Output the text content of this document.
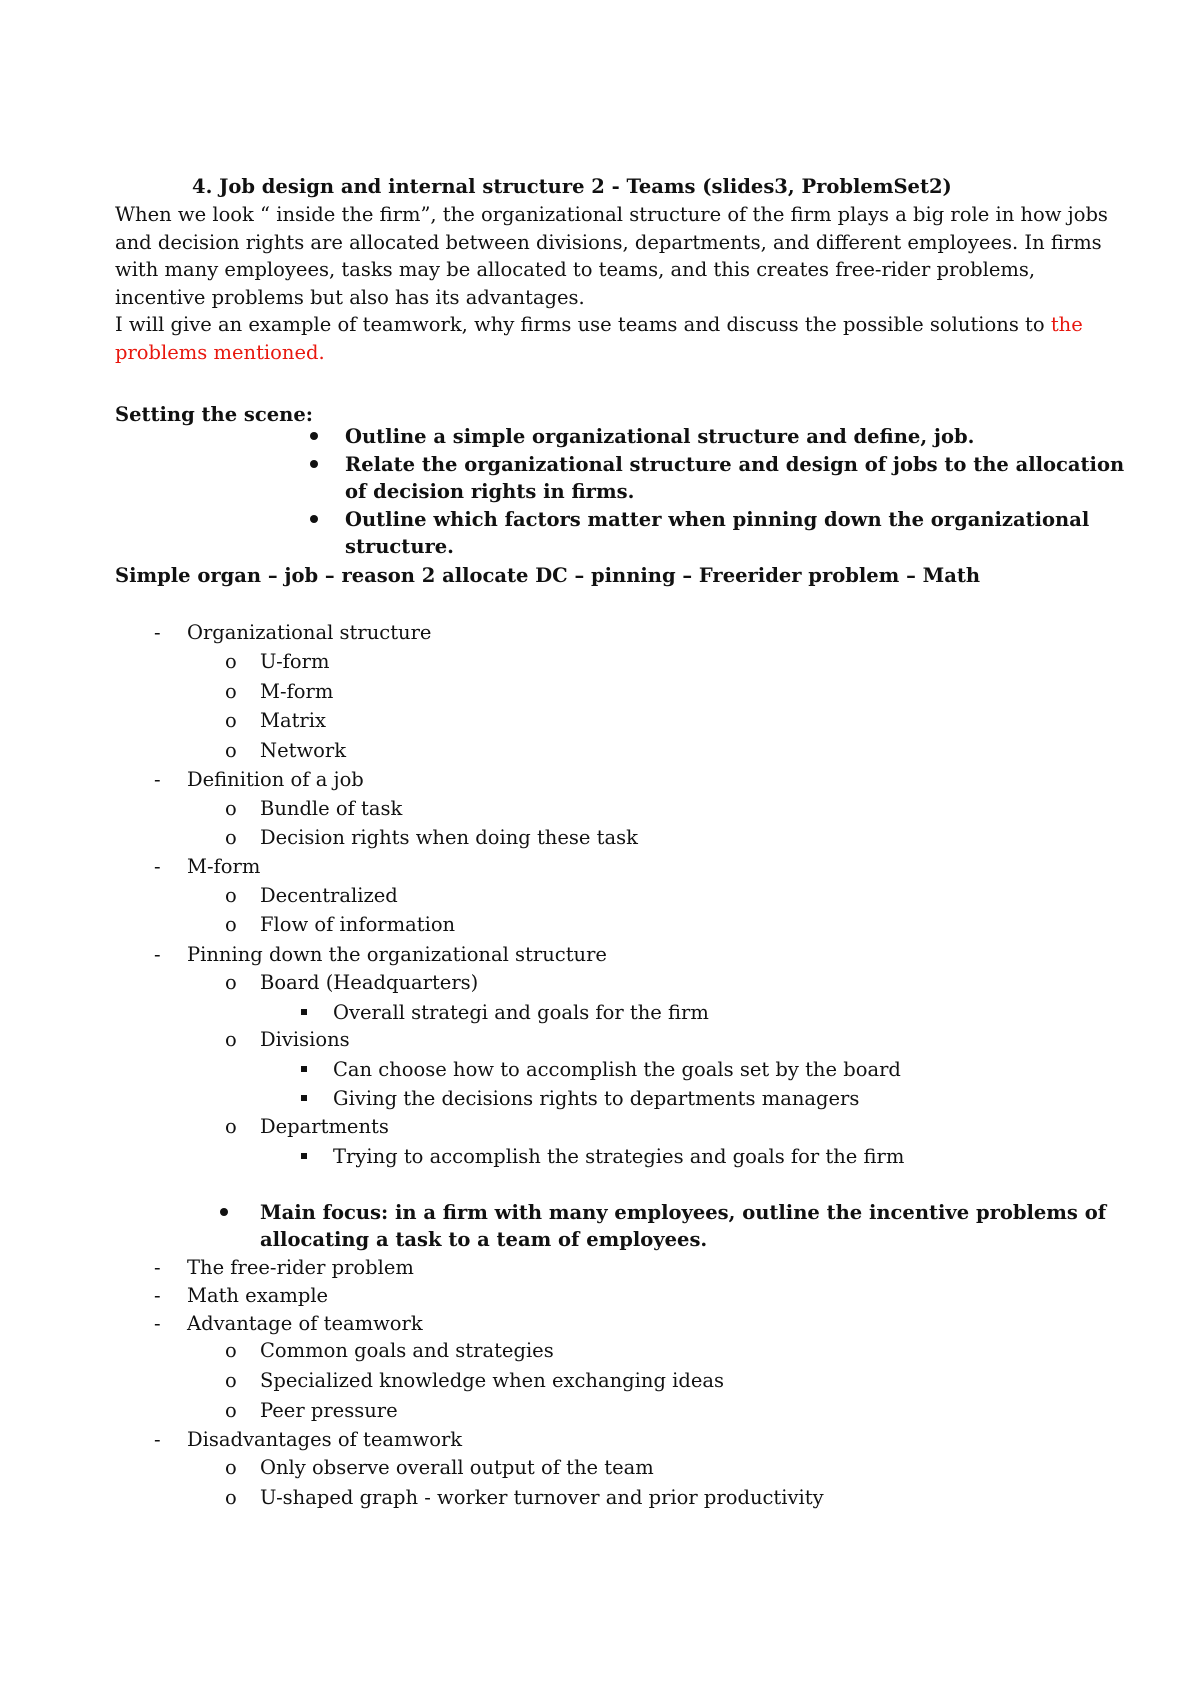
4. Job design and internal structure 2 - Teams (slides3, ProblemSet2)

When we look “ inside the firm”, the organizational structure of the firm plays a big role in how jobs

and decision rights are allocated between divisions, departments, and different employees. In firms

with many employees, tasks may be allocated to teams, and this creates free-rider problems,

incentive problems but also has its advantages.

I will give an example of teamwork, why firms use teams and discuss the possible solutions to the

problems mentioned.

Setting the scene:
Outline a simple organizational structure and define, job.
Relate the organizational structure and design of jobs to the allocation
of decision rights in firms.
Outline which factors matter when pinning down the organizational
structure.
Simple organ – job – reason 2 allocate DC – pinning – Freerider problem – Math
- Organizational structure
o U-form
o M-form
o Matrix
o Network
- Definition of a job
o Bundle of task
o Decision rights when doing these task
- M-form
o Decentralized
o Flow of information
- Pinning down the organizational structure
o Board (Headquarters)
Overall strategi and goals for the firm
o Divisions
Can choose how to accomplish the goals set by the board
Giving the decisions rights to departments managers
o Departments
Trying to accomplish the strategies and goals for the firm
Main focus: in a firm with many employees, outline the incentive problems of
allocating a task to a team of employees.
- The free-rider problem
- Math example
- Advantage of teamwork
o Common goals and strategies
o Specialized knowledge when exchanging ideas
o Peer pressure
- Disadvantages of teamwork
o Only observe overall output of the team
o U-shaped graph - worker turnover and prior productivity
